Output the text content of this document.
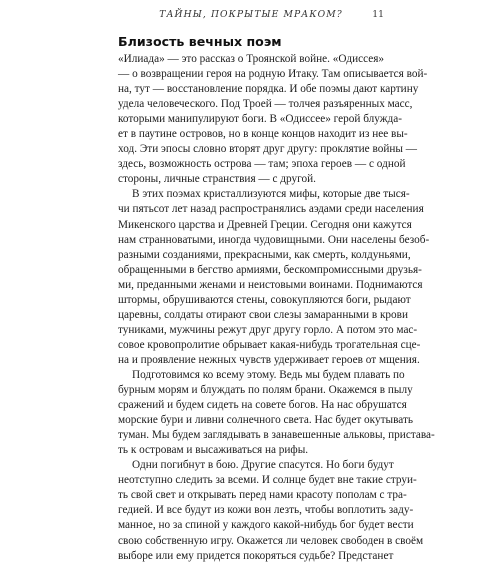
ТАЙНЫ, ПОКРЫТЫЕ МРАКОМ?	11
Близость вечных поэм
«Илиада» — это рассказ о Троянской войне. «Одиссея»
— о возвращении героя на родную Итаку. Там описывается вой-
на, тут — восстановление порядка. И обе поэмы дают картину
удела человеческого. Под Троей — толчея разъяренных масс,
которыми манипулируют боги. В «Одиссее» герой блужда-
ет в паутине островов, но в конце концов находит из нее вы-
ход. Эти эпосы словно вторят друг другу: проклятие войны —
здесь, возможность острова — там; эпоха героев — с одной
стороны, личные странствия — с другой.
В этих поэмах кристаллизуются мифы, которые две тыся-
чи пятьсот лет назад распространялись аэдами среди населения
Микенского царства и Древней Греции. Сегодня они кажутся
нам странноватыми, иногда чудовищными. Они населены безоб-
разными созданиями, прекрасными, как смерть, колдуньями,
обращенными в бегство армиями, бескомпромиссными друзья-
ми, преданными женами и неистовыми воинами. Поднимаются
штормы, обрушиваются стены, совокупляются боги, рыдают
царевны, солдаты отирают свои слезы замаранными в крови
туниками, мужчины режут друг другу горло. А потом это мас-
совое кровопролитие обрывает какая-нибудь трогательная сце-
на и проявление нежных чувств удерживает героев от мщения.
Подготовимся ко всему этому. Ведь мы будем плавать по
бурным морям и блуждать по полям брани. Окажемся в пылу
сражений и будем сидеть на совете богов. На нас обрушатся
морские бури и ливни солнечного света. Нас будет окутывать
туман. Мы будем заглядывать в занавешенные альковы, пристава-
ть к островам и высаживаться на рифы.
Одни погибнут в бою. Другие спасутся. Но боги будут
неотступно следить за всеми. И солнце будет вне такие струи-
ть свой свет и открывать перед нами красоту пополам с тра-
гедией. И все будут из кожи вон лезть, чтобы воплотить заду-
манное, но за спиной у каждого какой-нибудь бог будет вести
свою собственную игру. Окажется ли человек свободен в своём
выборе или ему придется покоряться судьбе? Предстанет
